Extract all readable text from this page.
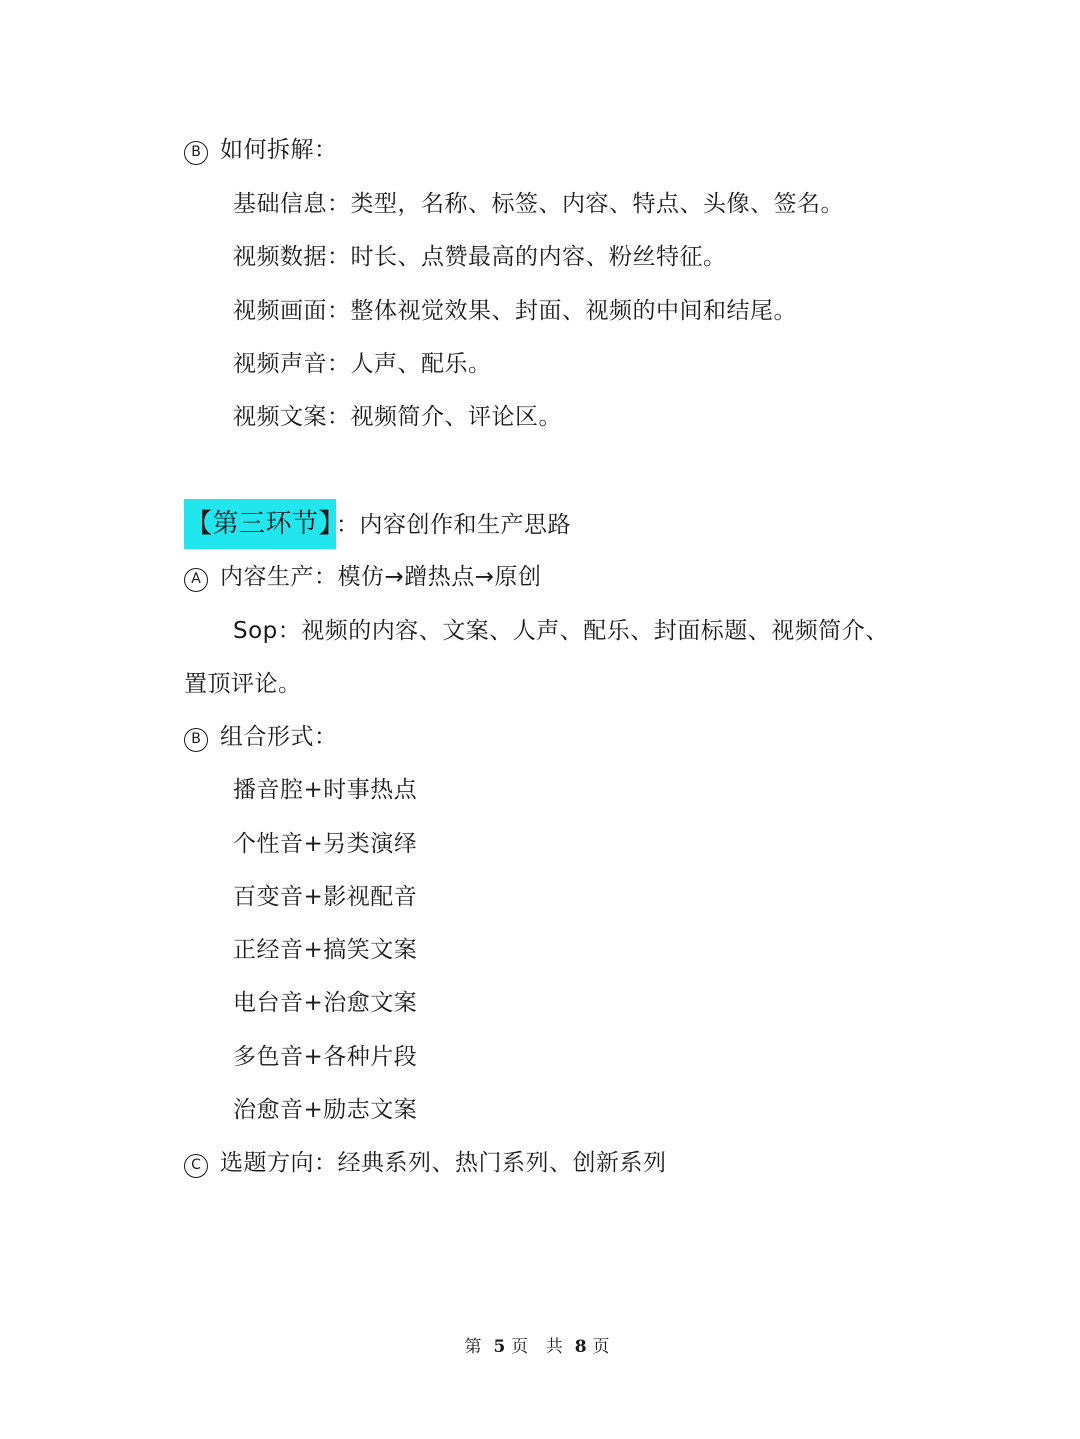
B 如何拆解：
基础信息：类型，名称、标签、内容、特点、头像、签名。
视频数据：时长、点赞最高的内容、粉丝特征。
视频画面：整体视觉效果、封面、视频的中间和结尾。
视频声音：人声、配乐。
视频文案：视频简介、评论区。
【第三环节】 ：内容创作和生产思路
A 内容生产：模仿→蹭热点→原创
Sop：视频的内容、文案、人声、配乐、封面标题、视频简介、
置顶评论。
B 组合形式：
播音腔+时事热点
个性音+另类演绎
百变音+影视配音
正经音+搞笑文案
电台音+治愈文案
多色音+各种片段
治愈音+励志文案
C 选题方向：经典系列、热门系列、创新系列
第 5 页 共 8 页
